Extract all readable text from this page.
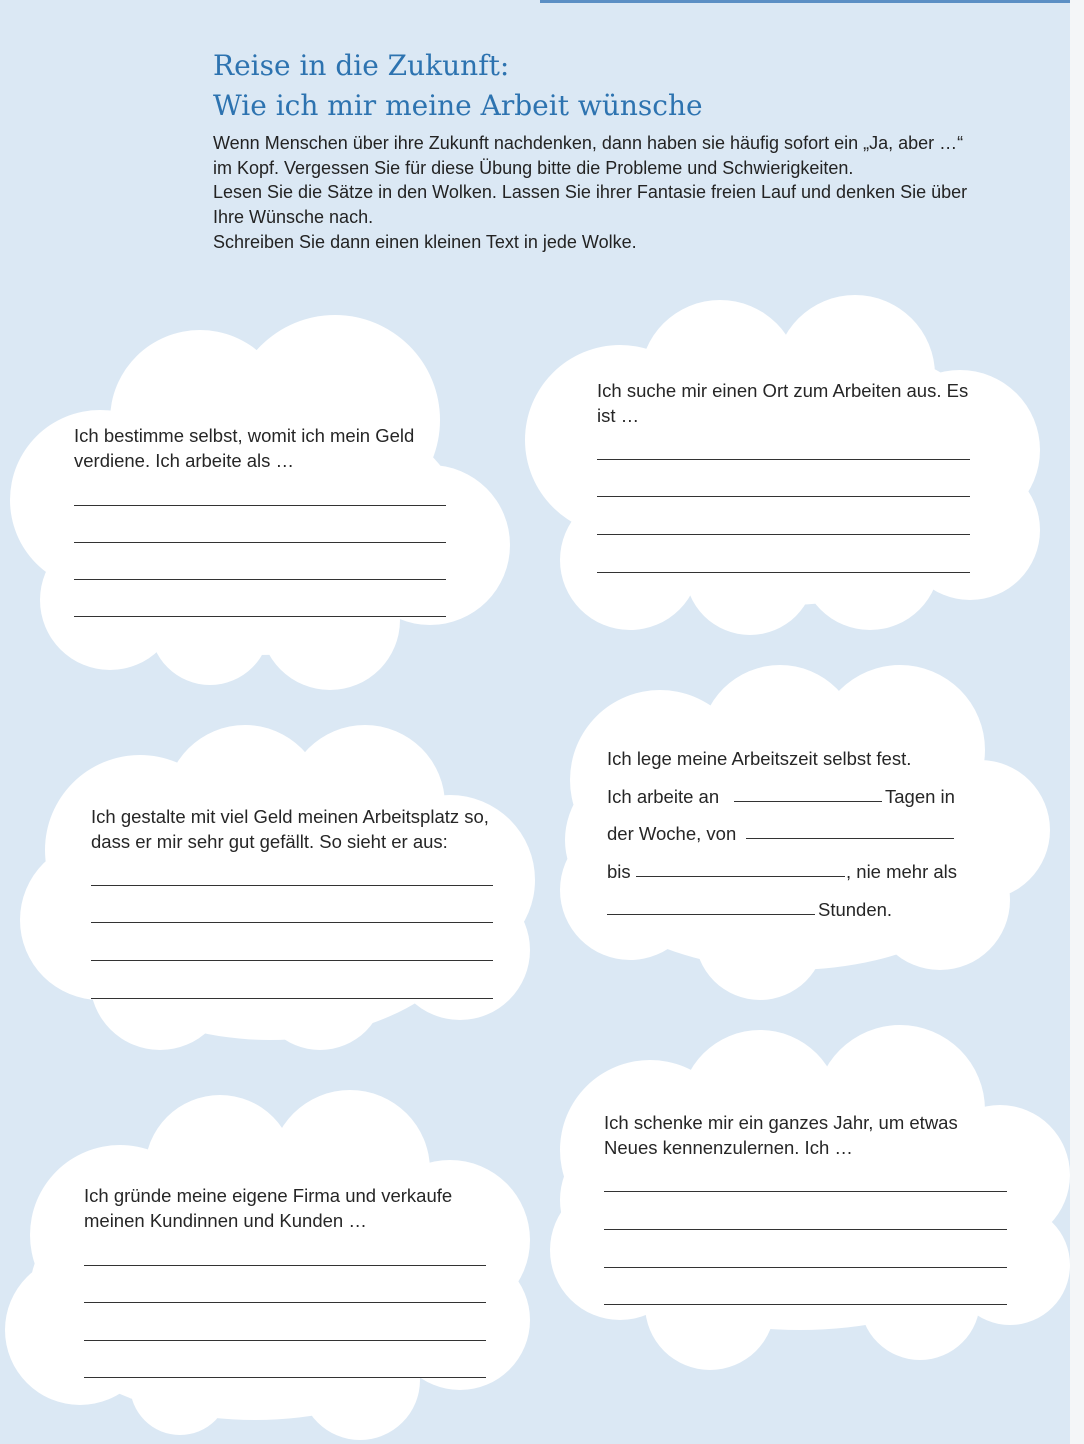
Reise in die Zukunft:
Wie ich mir meine Arbeit wünsche

Wenn Menschen über ihre Zukunft nachdenken, dann haben sie häufig sofort ein „Ja, aber …“ im Kopf. Vergessen Sie für diese Übung bitte die Probleme und Schwierigkeiten.

Lesen Sie die Sätze in den Wolken. Lassen Sie ihrer Fantasie freien Lauf und denken Sie über Ihre Wünsche nach.

Schreiben Sie dann einen kleinen Text in jede Wolke.

Ich bestimme selbst, womit ich mein Geld verdiene. Ich arbeite als …
Ich suche mir einen Ort zum Arbeiten aus. Es ist …
Ich gestalte mit viel Geld meinen Arbeitsplatz so, dass er mir sehr gut gefällt. So sieht er aus:
Ich lege meine Arbeitszeit selbst fest.
Ich arbeite an	Tagen in
der Woche, von
bis	, nie mehr als
Stunden.
Ich gründe meine eigene Firma und verkaufe meinen Kundinnen und Kunden …
Ich schenke mir ein ganzes Jahr, um etwas Neues kennenzulernen. Ich …
